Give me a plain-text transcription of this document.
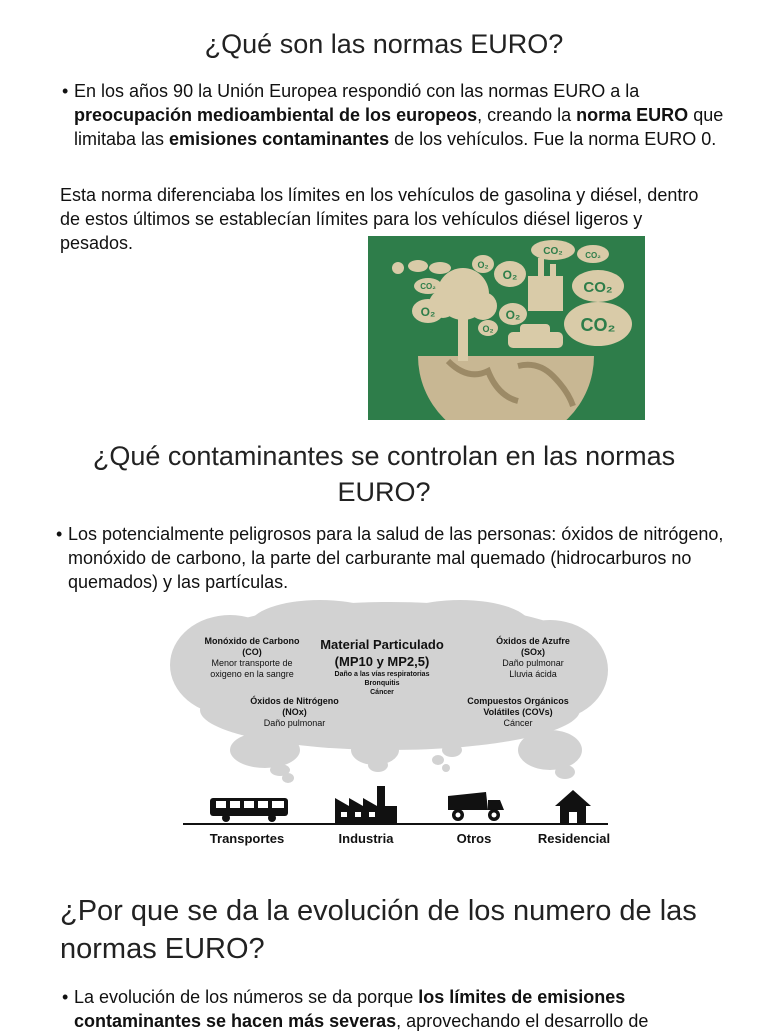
¿Qué son las normas EURO?
• En los años 90 la Unión Europea respondió con las normas EURO a la preocupación medioambiental de los europeos, creando la norma EURO que limitaba las emisiones contaminantes de los vehículos. Fue la norma EURO 0.
Esta norma diferenciaba los límites en los vehículos de gasolina y diésel, dentro de estos últimos se establecían límites para los vehículos diésel ligeros y pesados.	CO₂	CO₂
O₂
O₂
CO₂
CO₂
O₂	O₂
CO₂
O₂
¿Qué contaminantes se controlan en las normas EURO?
• Los potencialmente peligrosos para la salud de las personas: óxidos de nitrógeno, monóxido de carbono, la parte del carburante mal quemado (hidrocarburos no quemados) y las partículas.
Monóxido de Carbono (CO)
Menor transporte de oxigeno en la sangre
Material Particulado (MP10 y MP2,5)
Daño a las vías respiratorias
Bronquitis
Cáncer
Óxidos de Azufre (SOx)
Daño pulmonar
Lluvia ácida
Óxidos de Nitrógeno (NOx)
Daño pulmonar
Compuestos Orgánicos Volátiles (COVs)
Cáncer
Transportes	Industria	Otros	Residencial
¿Por que se da la evolución de los numero de las normas EURO?
• La evolución de los números se da porque los límites de emisiones contaminantes se hacen más severas, aprovechando el desarrollo de
